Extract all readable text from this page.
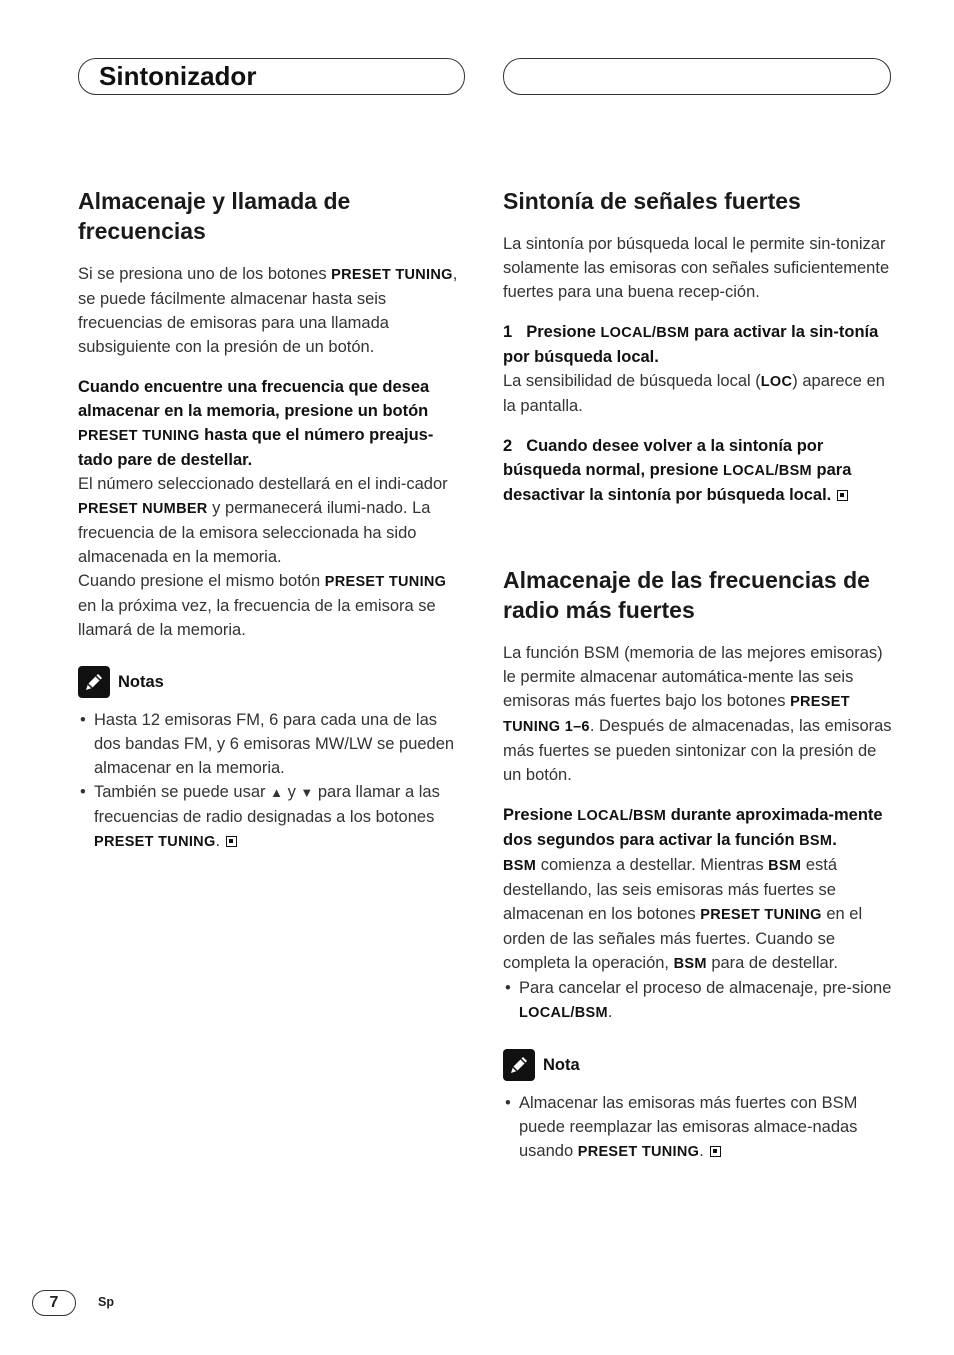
Sintonizador
Almacenaje y llamada de frecuencias

Si se presiona uno de los botones PRESET TUNING, se puede fácilmente almacenar hasta seis frecuencias de emisoras para una llamada subsiguiente con la presión de un botón.

Cuando encuentre una frecuencia que desea almacenar en la memoria, presione un botón PRESET TUNING hasta que el número preajus-tado pare de destellar.

El número seleccionado destellará en el indi-cador PRESET NUMBER y permanecerá ilumi-nado. La frecuencia de la emisora seleccionada ha sido almacenada en la memoria.

Cuando presione el mismo botón PRESET TUNING en la próxima vez, la frecuencia de la emisora se llamará de la memoria.

Notas
• Hasta 12 emisoras FM, 6 para cada una de las dos bandas FM, y 6 emisoras MW/LW se pueden almacenar en la memoria.
• También se puede usar ▲ y ▼ para llamar a las frecuencias de radio designadas a los botones PRESET TUNING.
Sintonía de señales fuertes

La sintonía por búsqueda local le permite sin-tonizar solamente las emisoras con señales suficientemente fuertes para una buena recep-ción.

1 Presione LOCAL/BSM para activar la sin-tonía por búsqueda local.

La sensibilidad de búsqueda local (LOC) aparece en la pantalla.

2 Cuando desee volver a la sintonía por búsqueda normal, presione LOCAL/BSM para desactivar la sintonía por búsqueda local.

Almacenaje de las frecuencias de radio más fuertes

La función BSM (memoria de las mejores emisoras) le permite almacenar automática-mente las seis emisoras más fuertes bajo los botones PRESET TUNING 1–6. Después de almacenadas, las emisoras más fuertes se pueden sintonizar con la presión de un botón.

Presione LOCAL/BSM durante aproximada-mente dos segundos para activar la función BSM.

BSM comienza a destellar. Mientras BSM está destellando, las seis emisoras más fuertes se almacenan en los botones PRESET TUNING en el orden de las señales más fuertes. Cuando se completa la operación, BSM para de destellar.

• Para cancelar el proceso de almacenaje, pre-sione LOCAL/BSM.
Nota
• Almacenar las emisoras más fuertes con BSM puede reemplazar las emisoras almace-nadas usando PRESET TUNING.
7	Sp
